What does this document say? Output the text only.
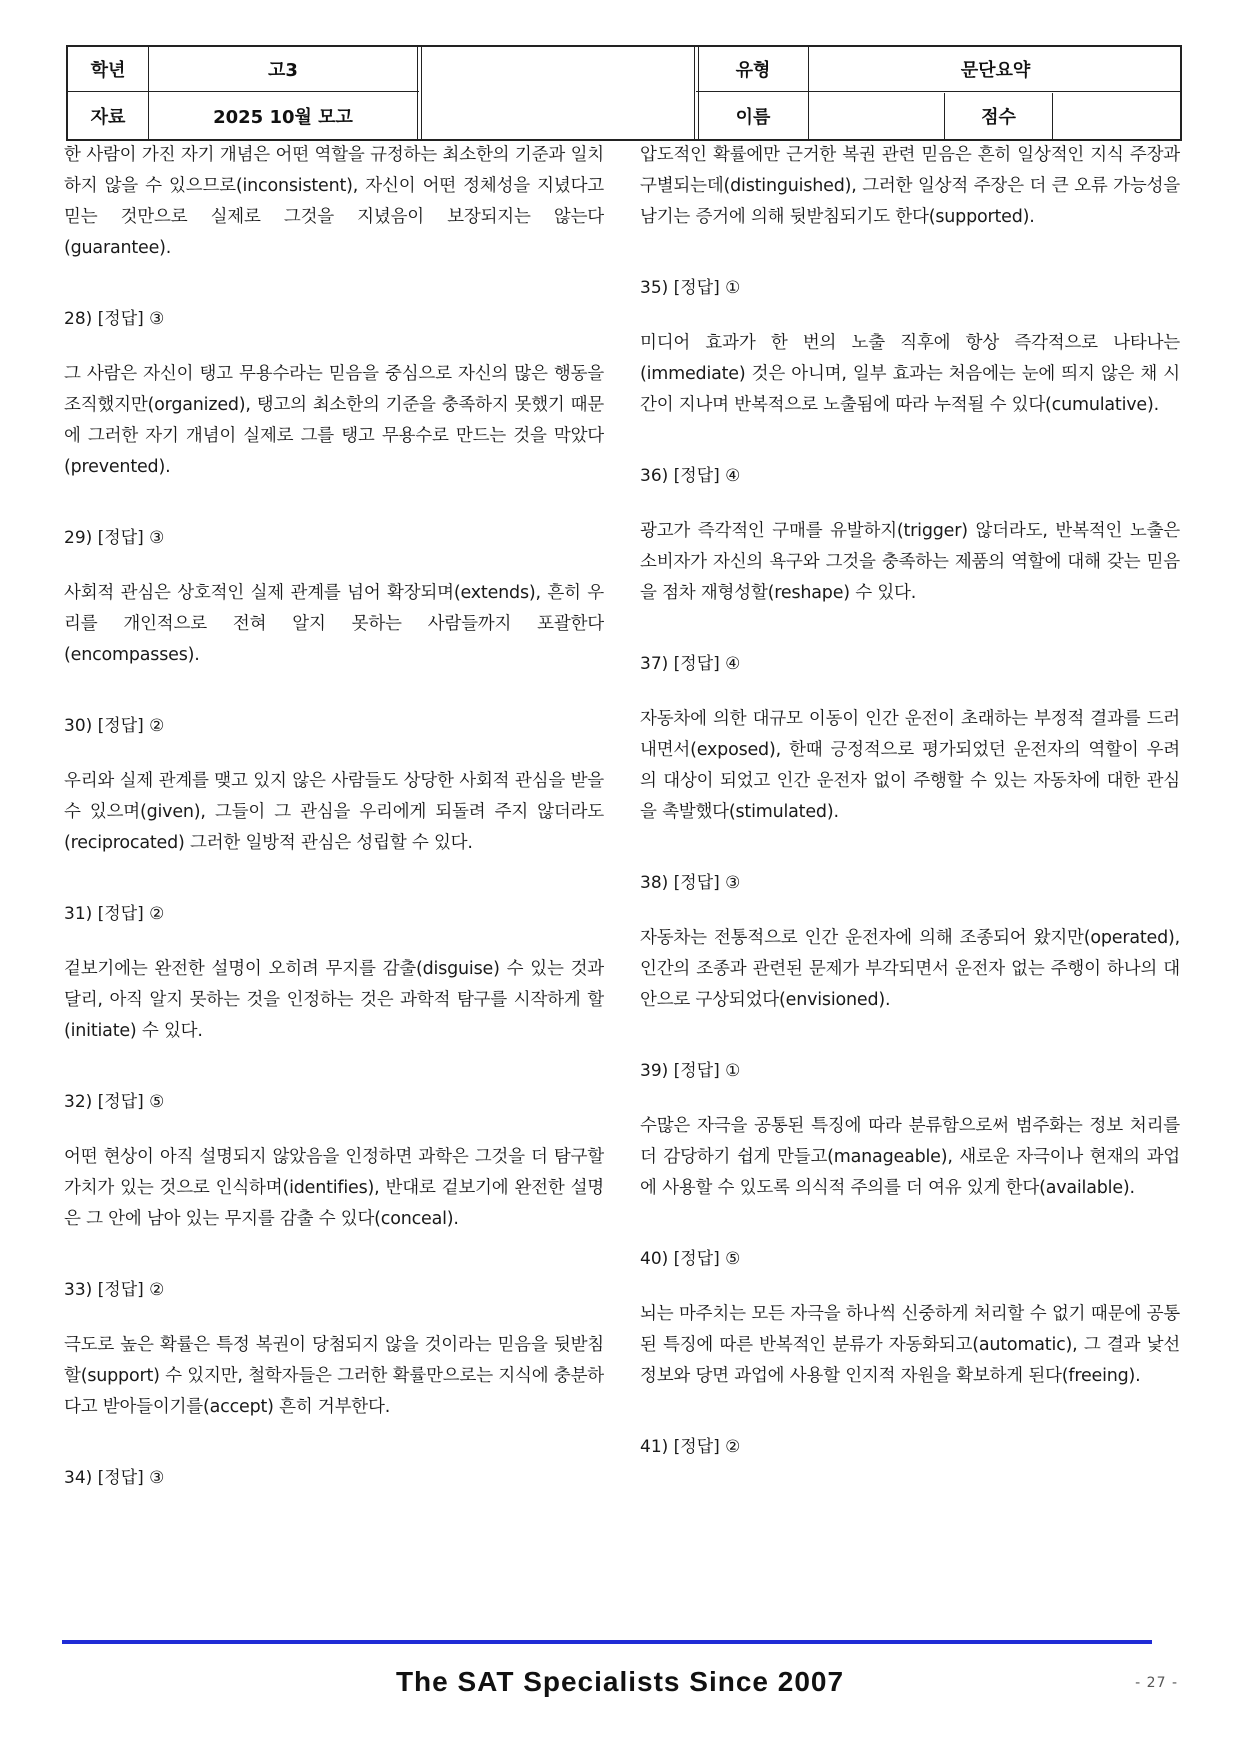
학년	고3	유형	문단요약
자료	2025 10월 모고	이름	점수

한 사람이 가진 자기 개념은 어떤 역할을 규정하는 최소한의 기준과 일치하지 않을 수 있으므로(inconsistent), 자신이 어떤 정체성을 지녔다고 믿는 것만으로 실제로 그것을 지녔음이 보장되지는 않는다(guarantee).

28) [정답] ③

그 사람은 자신이 탱고 무용수라는 믿음을 중심으로 자신의 많은 행동을 조직했지만(organized), 탱고의 최소한의 기준을 충족하지 못했기 때문에 그러한 자기 개념이 실제로 그를 탱고 무용수로 만드는 것을 막았다(prevented).

29) [정답] ③

사회적 관심은 상호적인 실제 관계를 넘어 확장되며(extends), 흔히 우리를 개인적으로 전혀 알지 못하는 사람들까지 포괄한다(encompasses).

30) [정답] ②

우리와 실제 관계를 맺고 있지 않은 사람들도 상당한 사회적 관심을 받을 수 있으며(given), 그들이 그 관심을 우리에게 되돌려 주지 않더라도(reciprocated) 그러한 일방적 관심은 성립할 수 있다.

31) [정답] ②

겉보기에는 완전한 설명이 오히려 무지를 감출(disguise) 수 있는 것과 달리, 아직 알지 못하는 것을 인정하는 것은 과학적 탐구를 시작하게 할(initiate) 수 있다.

32) [정답] ⑤

어떤 현상이 아직 설명되지 않았음을 인정하면 과학은 그것을 더 탐구할 가치가 있는 것으로 인식하며(identifies), 반대로 겉보기에 완전한 설명은 그 안에 남아 있는 무지를 감출 수 있다(conceal).

33) [정답] ②

극도로 높은 확률은 특정 복권이 당첨되지 않을 것이라는 믿음을 뒷받침할(support) 수 있지만, 철학자들은 그러한 확률만으로는 지식에 충분하다고 받아들이기를(accept) 흔히 거부한다.

34) [정답] ③

압도적인 확률에만 근거한 복권 관련 믿음은 흔히 일상적인 지식 주장과 구별되는데(distinguished), 그러한 일상적 주장은 더 큰 오류 가능성을 남기는 증거에 의해 뒷받침되기도 한다(supported).

35) [정답] ①

미디어 효과가 한 번의 노출 직후에 항상 즉각적으로 나타나는(immediate) 것은 아니며, 일부 효과는 처음에는 눈에 띄지 않은 채 시간이 지나며 반복적으로 노출됨에 따라 누적될 수 있다(cumulative).

36) [정답] ④

광고가 즉각적인 구매를 유발하지(trigger) 않더라도, 반복적인 노출은 소비자가 자신의 욕구와 그것을 충족하는 제품의 역할에 대해 갖는 믿음을 점차 재형성할(reshape) 수 있다.

37) [정답] ④

자동차에 의한 대규모 이동이 인간 운전이 초래하는 부정적 결과를 드러내면서(exposed), 한때 긍정적으로 평가되었던 운전자의 역할이 우려의 대상이 되었고 인간 운전자 없이 주행할 수 있는 자동차에 대한 관심을 촉발했다(stimulated).

38) [정답] ③

자동차는 전통적으로 인간 운전자에 의해 조종되어 왔지만(operated), 인간의 조종과 관련된 문제가 부각되면서 운전자 없는 주행이 하나의 대안으로 구상되었다(envisioned).

39) [정답] ①

수많은 자극을 공통된 특징에 따라 분류함으로써 범주화는 정보 처리를 더 감당하기 쉽게 만들고(manageable), 새로운 자극이나 현재의 과업에 사용할 수 있도록 의식적 주의를 더 여유 있게 한다(available).

40) [정답] ⑤

뇌는 마주치는 모든 자극을 하나씩 신중하게 처리할 수 없기 때문에 공통된 특징에 따른 반복적인 분류가 자동화되고(automatic), 그 결과 낯선 정보와 당면 과업에 사용할 인지적 자원을 확보하게 된다(freeing).

41) [정답] ②

The SAT Specialists Since 2007	- 27 -
